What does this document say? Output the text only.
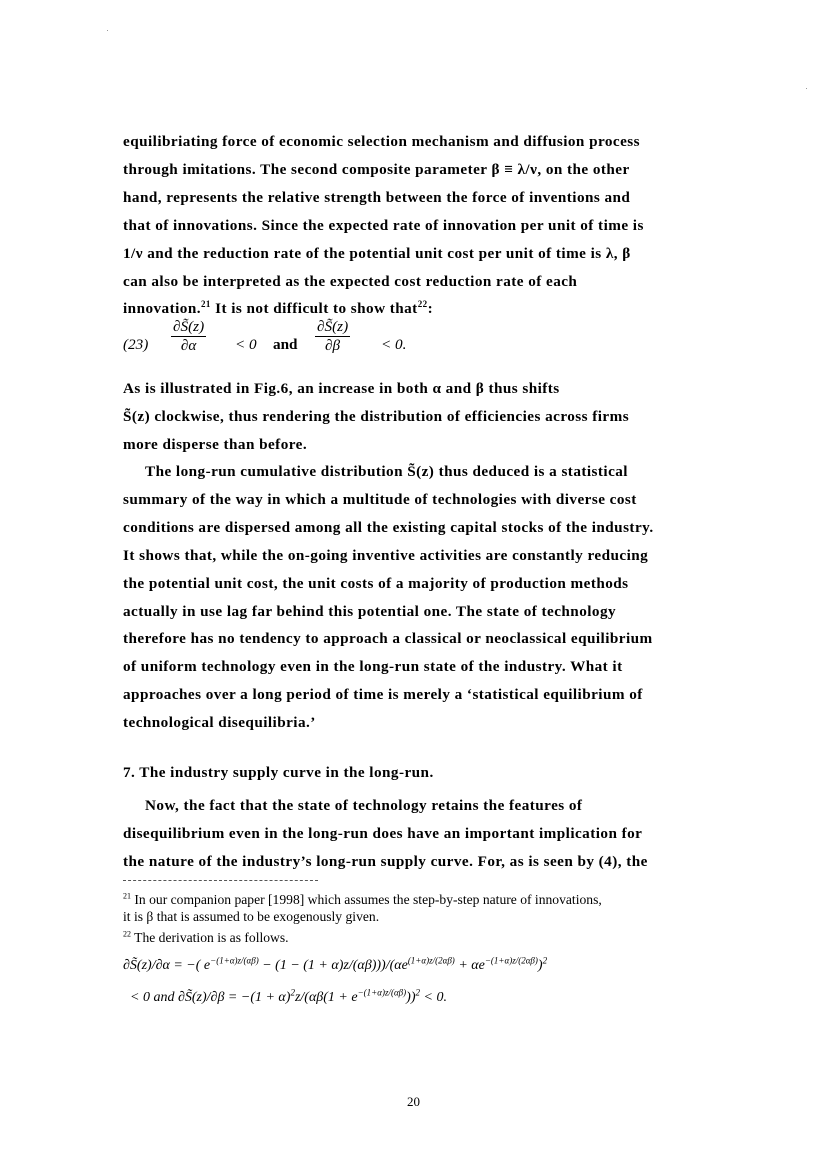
equilibriating force of economic selection mechanism and diffusion process

through imitations. The second composite parameter β ≡ λ/ν, on the other

hand, represents the relative strength between the force of inventions and

that of innovations. Since the expected rate of innovation per unit of time is

1/ν and the reduction rate of the potential unit cost per unit of time is λ, β

can also be interpreted as the expected cost reduction rate of each

innovation.$^{21}$ It is not difficult to show that$^{22}$:

$(23) \frac{\partial S̃(z)}{\partial\alpha} < 0$ and $\frac{\partial S̃(z)}{\partial\beta} < 0$.

As is illustrated in Fig.6, an increase in both α and β thus shifts

S̃(z) clockwise, thus rendering the distribution of efficiencies across firms

more disperse than before.

The long-run cumulative distribution S̃(z) thus deduced is a statistical

summary of the way in which a multitude of technologies with diverse cost

conditions are dispersed among all the existing capital stocks of the industry.

It shows that, while the on-going inventive activities are constantly reducing

the potential unit cost, the unit costs of a majority of production methods

actually in use lag far behind this potential one. The state of technology

therefore has no tendency to approach a classical or neoclassical equilibrium

of uniform technology even in the long-run state of the industry. What it

approaches over a long period of time is merely a ‘statistical equilibrium of

technological disequilibria.’

7. The industry supply curve in the long-run.

Now, the fact that the state of technology retains the features of

disequilibrium even in the long-run does have an important implication for

the nature of the industry’s long-run supply curve. For, as is seen by (4), the

$^{21}$ In our companion paper [1998] which assumes the step-by-step nature of innovations,
it is β that is assumed to be exogenously given.
$^{22}$ The derivation is as follows.
∂S̃(z)/∂α = −( $e^{-(1+\alpha)z/(\alpha\beta)} - (1 - (1 + \alpha)z/(\alpha\beta)))/(\alpha e^{(1+\alpha)z/(2\alpha\beta)} + \alpha e^{-(1+\alpha)z/(2\alpha\beta)})^2$
< 0 and ∂S̃(z)/∂β = $-(1 + \alpha)^2z/(\alpha\beta(1 + e^{-(1+\alpha)z/(\alpha\beta)}))^2 < 0$.
20
